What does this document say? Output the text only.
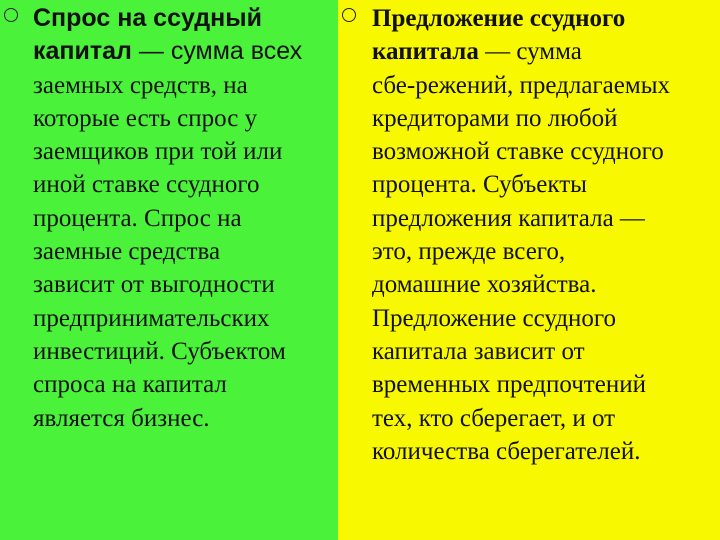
Спрос на ссудный
капитал — сумма всех
заемных средств, на
которые есть спрос у
заемщиков при той или
иной ставке ссудного
процента. Спрос на
заемные средства
зависит от выгодности
предпринимательских
инвестиций. Субъектом
спроса на капитал
является бизнес.

Предложение ссудного
капитала — сумма
сбе-режений, предлагаемых
кредиторами по любой
возможной ставке ссудного
процента. Субъекты
предложения капитала —
это, прежде всего,
домашние хозяйства.
Предложение ссудного
капитала зависит от
временных предпочтений
тех, кто сберегает, и от
количества сберегателей.
